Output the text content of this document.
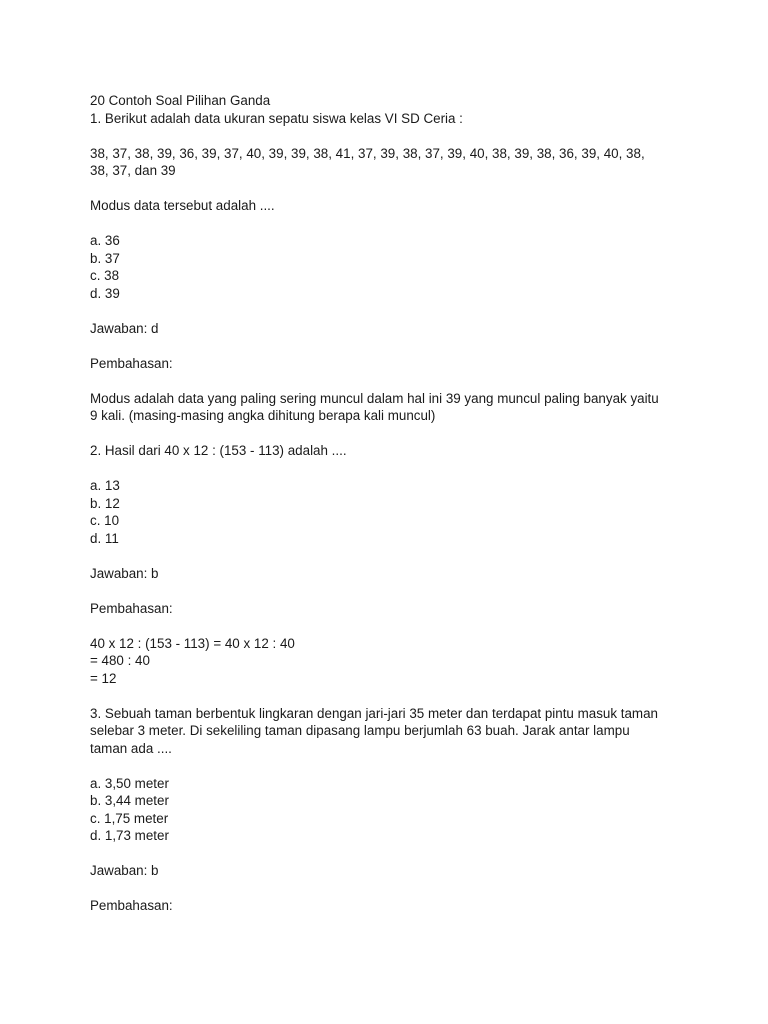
20 Contoh Soal Pilihan Ganda
1. Berikut adalah data ukuran sepatu siswa kelas VI SD Ceria :
38, 37, 38, 39, 36, 39, 37, 40, 39, 39, 38, 41, 37, 39, 38, 37, 39, 40, 38, 39, 38, 36, 39, 40, 38,
38, 37, dan 39
Modus data tersebut adalah ....
a. 36
b. 37
c. 38
d. 39
Jawaban: d
Pembahasan:
Modus adalah data yang paling sering muncul dalam hal ini 39 yang muncul paling banyak yaitu
9 kali. (masing-masing angka dihitung berapa kali muncul)
2. Hasil dari 40 x 12 : (153 - 113) adalah ....
a. 13
b. 12
c. 10
d. 11
Jawaban: b
Pembahasan:
40 x 12 : (153 - 113) = 40 x 12 : 40
= 480 : 40
= 12
3. Sebuah taman berbentuk lingkaran dengan jari-jari 35 meter dan terdapat pintu masuk taman
selebar 3 meter. Di sekeliling taman dipasang lampu berjumlah 63 buah. Jarak antar lampu
taman ada ....
a. 3,50 meter
b. 3,44 meter
c. 1,75 meter
d. 1,73 meter
Jawaban: b
Pembahasan:
